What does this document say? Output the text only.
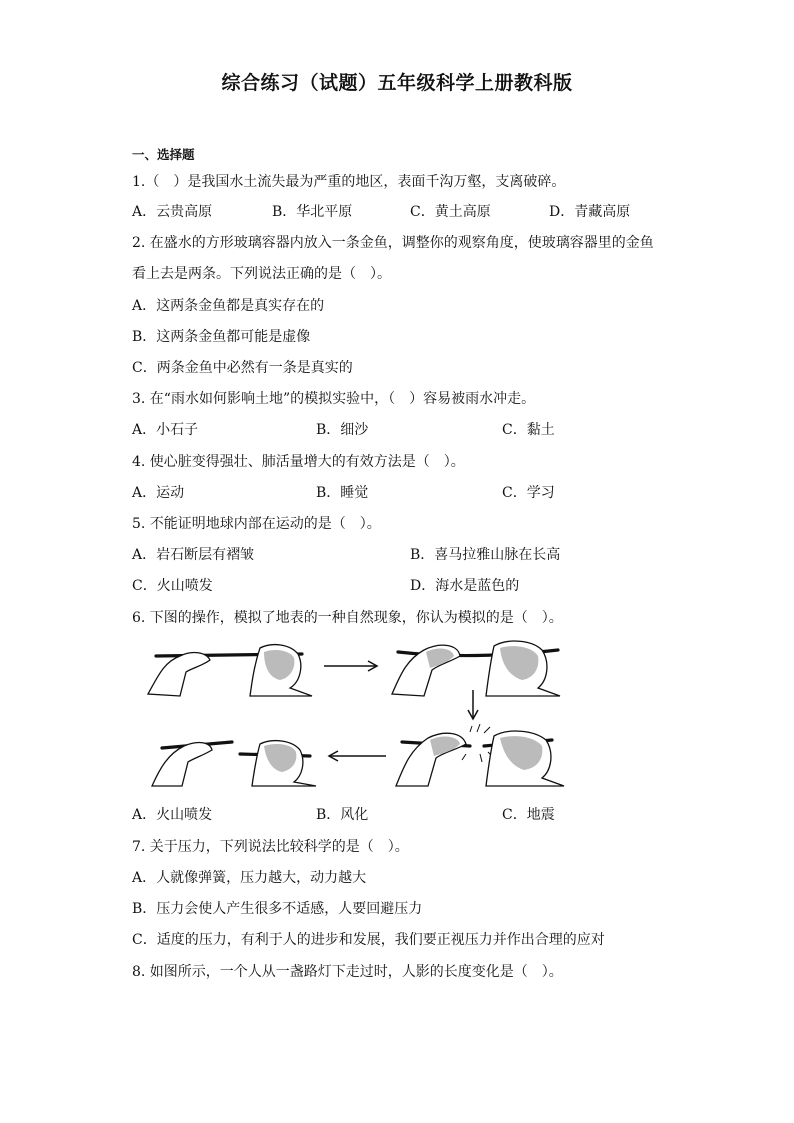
综合练习（试题）五年级科学上册教科版
一、选择题
1.（　）是我国水土流失最为严重的地区，表面千沟万壑，支离破碎。
A．云贵高原	B．华北平原	C．黄土高原	D．青藏高原
2. 在盛水的方形玻璃容器内放入一条金鱼，调整你的观察角度，使玻璃容器里的金鱼
看上去是两条。下列说法正确的是（　）。
A．这两条金鱼都是真实存在的
B．这两条金鱼都可能是虚像
C．两条金鱼中必然有一条是真实的
3. 在“雨水如何影响土地”的模拟实验中，（　）容易被雨水冲走。
A．小石子	B．细沙	C．黏土
4. 使心脏变得强壮、肺活量增大的有效方法是（　）。
A．运动	B．睡觉	C．学习
5. 不能证明地球内部在运动的是（　）。
A．岩石断层有褶皱	B．喜马拉雅山脉在长高
C．火山喷发	D．海水是蓝色的
6. 下图的操作，模拟了地表的一种自然现象，你认为模拟的是（　）。
A．火山喷发	B．风化	C．地震
7. 关于压力，下列说法比较科学的是（　）。
A．人就像弹簧，压力越大，动力越大
B．压力会使人产生很多不适感，人要回避压力
C．适度的压力，有利于人的进步和发展，我们要正视压力并作出合理的应对
8. 如图所示，一个人从一盏路灯下走过时，人影的长度变化是（　）。
